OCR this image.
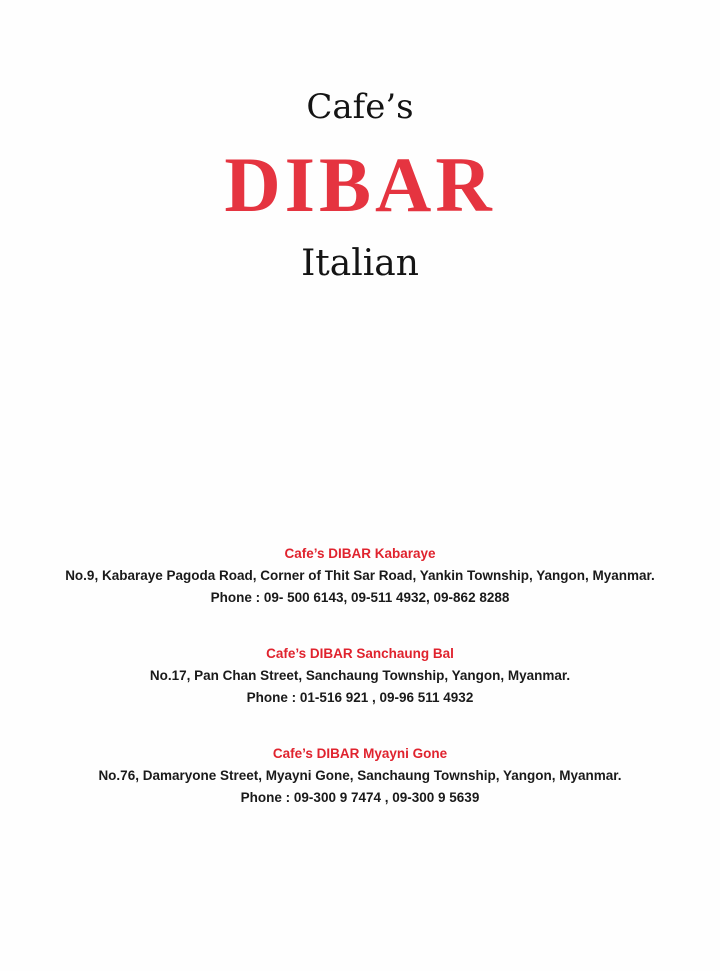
Cafe’s
DIBAR
Italian
Cafe’s DIBAR Kabaraye
No.9, Kabaraye Pagoda Road, Corner of Thit Sar Road, Yankin Township, Yangon, Myanmar.
Phone : 09- 500 6143, 09-511 4932, 09-862 8288
Cafe’s DIBAR Sanchaung Bal
No.17, Pan Chan Street, Sanchaung Township, Yangon, Myanmar.
Phone : 01-516 921 , 09-96 511 4932
Cafe’s DIBAR Myayni Gone
No.76, Damaryone Street, Myayni Gone, Sanchaung Township, Yangon, Myanmar.
Phone : 09-300 9 7474 , 09-300 9 5639
